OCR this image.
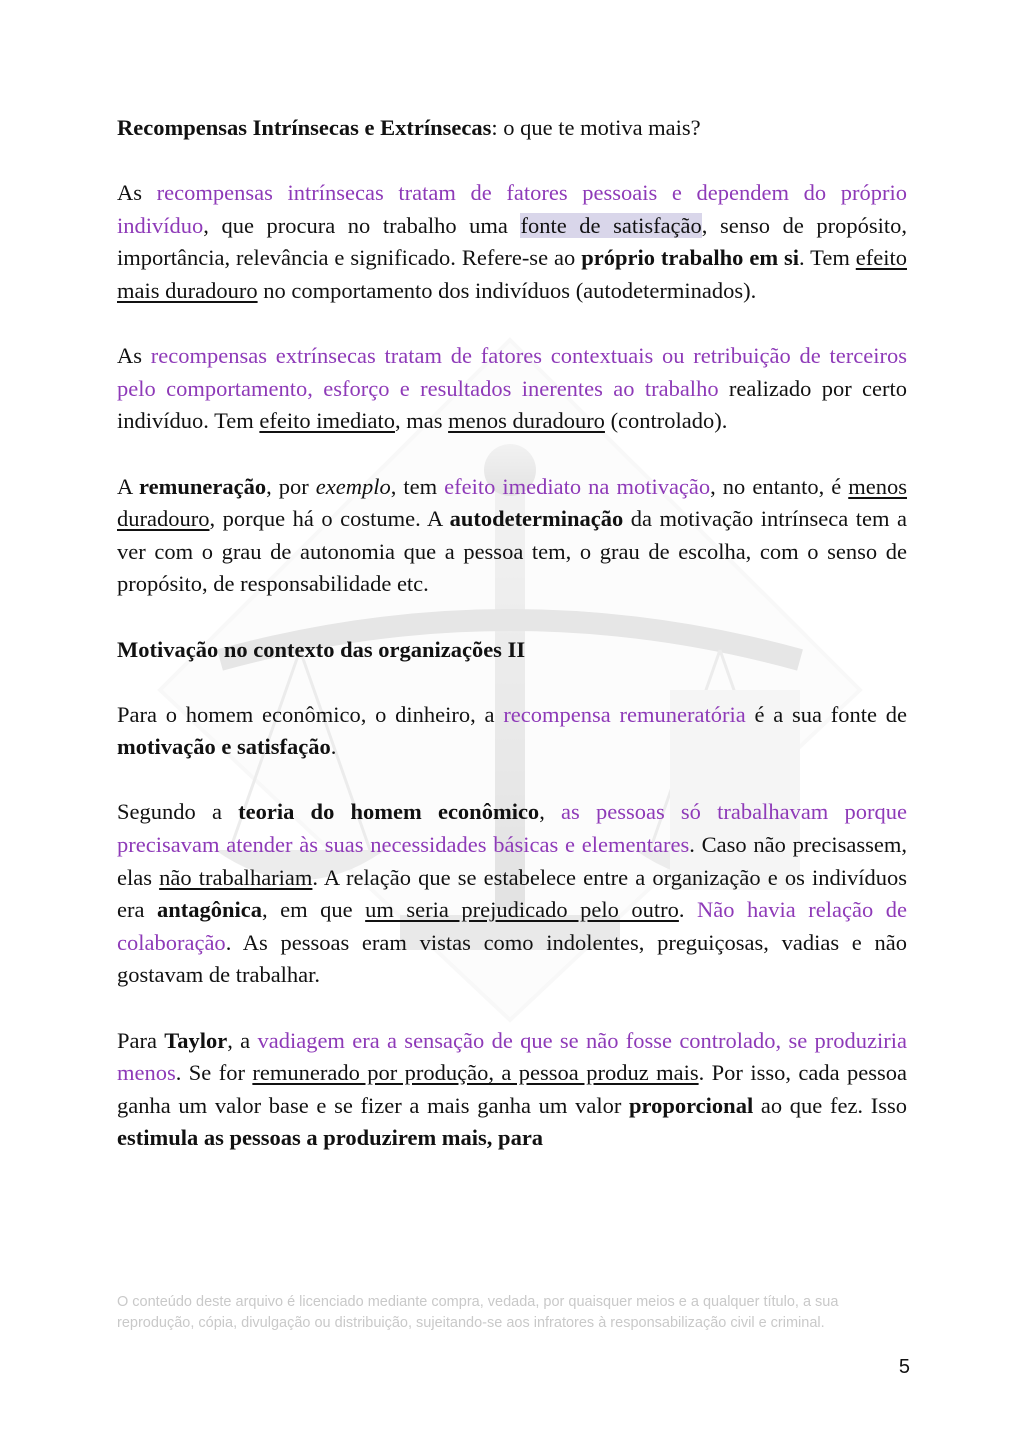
Recompensas Intrínsecas e Extrínsecas: o que te motiva mais?

As recompensas intrínsecas tratam de fatores pessoais e dependem do próprio indivíduo, que procura no trabalho uma fonte de satisfação, senso de propósito, importância, relevância e significado. Refere-se ao próprio trabalho em si. Tem efeito mais duradouro no comportamento dos indivíduos (autodeterminados).

As recompensas extrínsecas tratam de fatores contextuais ou retribuição de terceiros pelo comportamento, esforço e resultados inerentes ao trabalho realizado por certo indivíduo. Tem efeito imediato, mas menos duradouro (controlado).

A remuneração, por exemplo, tem efeito imediato na motivação, no entanto, é menos duradouro, porque há o costume. A autodeterminação da motivação intrínseca tem a ver com o grau de autonomia que a pessoa tem, o grau de escolha, com o senso de propósito, de responsabilidade etc.

Motivação no contexto das organizações II

Para o homem econômico, o dinheiro, a recompensa remuneratória é a sua fonte de motivação e satisfação.

Segundo a teoria do homem econômico, as pessoas só trabalhavam porque precisavam atender às suas necessidades básicas e elementares. Caso não precisassem, elas não trabalhariam. A relação que se estabelece entre a organização e os indivíduos era antagônica, em que um seria prejudicado pelo outro. Não havia relação de colaboração. As pessoas eram vistas como indolentes, preguiçosas, vadias e não gostavam de trabalhar.

Para Taylor, a vadiagem era a sensação de que se não fosse controlado, se produziria menos. Se for remunerado por produção, a pessoa produz mais. Por isso, cada pessoa ganha um valor base e se fizer a mais ganha um valor proporcional ao que fez. Isso estimula as pessoas a produzirem mais, para

O conteúdo deste arquivo é licenciado mediante compra, vedada, por quaisquer meios e a qualquer título, a sua reprodução, cópia, divulgação ou distribuição, sujeitando-se aos infratores à responsabilização civil e criminal.
5
